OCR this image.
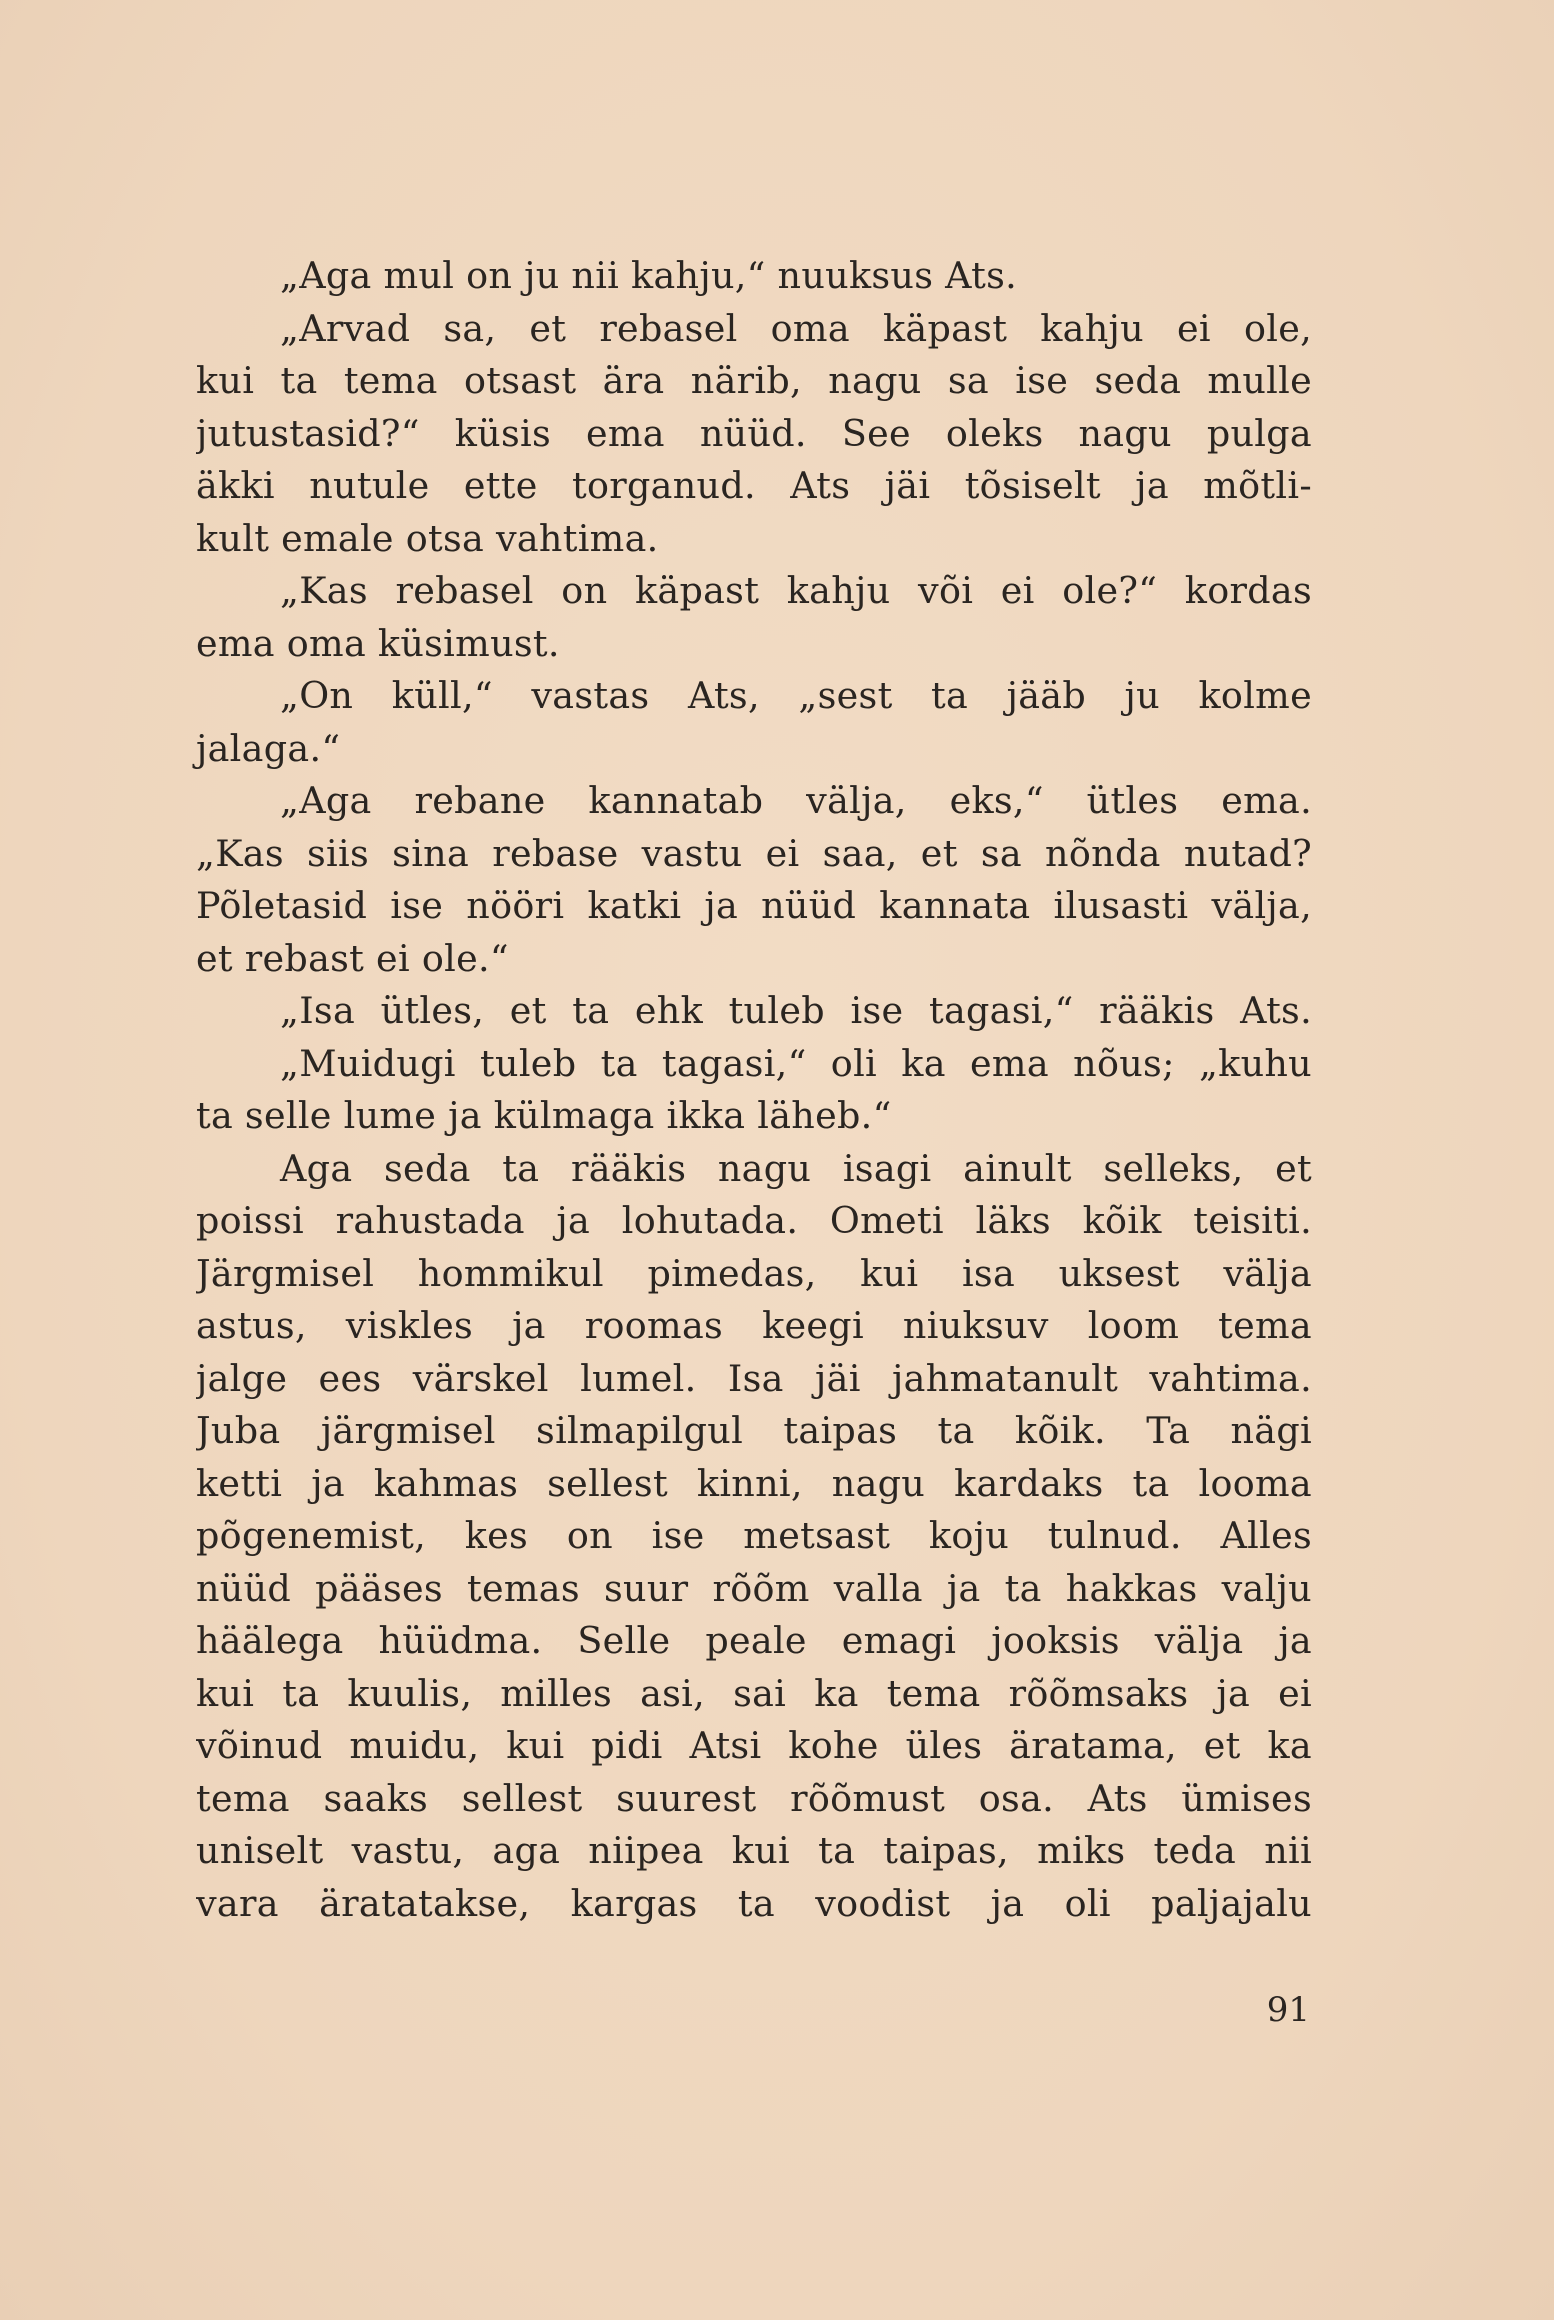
„Aga mul on ju nii kahju,“ nuuksus Ats.
„Arvad sa, et rebasel oma käpast kahju ei ole,
kui ta tema otsast ära närib, nagu sa ise seda mulle
jutustasid?“ küsis ema nüüd. See oleks nagu pulga
äkki nutule ette torganud. Ats jäi tõsiselt ja mõtli-
kult emale otsa vahtima.
„Kas rebasel on käpast kahju või ei ole?“ kordas
ema oma küsimust.
„On küll,“ vastas Ats, „sest ta jääb ju kolme
jalaga.“
„Aga rebane kannatab välja, eks,“ ütles ema.
„Kas siis sina rebase vastu ei saa, et sa nõnda nutad?
Põletasid ise nööri katki ja nüüd kannata ilusasti välja,
et rebast ei ole.“
„Isa ütles, et ta ehk tuleb ise tagasi,“ rääkis Ats.
„Muidugi tuleb ta tagasi,“ oli ka ema nõus; „kuhu
ta selle lume ja külmaga ikka läheb.“
Aga seda ta rääkis nagu isagi ainult selleks, et
poissi rahustada ja lohutada. Ometi läks kõik teisiti.
Järgmisel hommikul pimedas, kui isa uksest välja
astus, viskles ja roomas keegi niuksuv loom tema
jalge ees värskel lumel. Isa jäi jahmatanult vahtima.
Juba järgmisel silmapilgul taipas ta kõik. Ta nägi
ketti ja kahmas sellest kinni, nagu kardaks ta looma
põgenemist, kes on ise metsast koju tulnud. Alles
nüüd pääses temas suur rõõm valla ja ta hakkas valju
häälega hüüdma. Selle peale emagi jooksis välja ja
kui ta kuulis, milles asi, sai ka tema rõõmsaks ja ei
võinud muidu, kui pidi Atsi kohe üles äratama, et ka
tema saaks sellest suurest rõõmust osa. Ats ümises
uniselt vastu, aga niipea kui ta taipas, miks teda nii
vara äratatakse, kargas ta voodist ja oli paljajalu
91
